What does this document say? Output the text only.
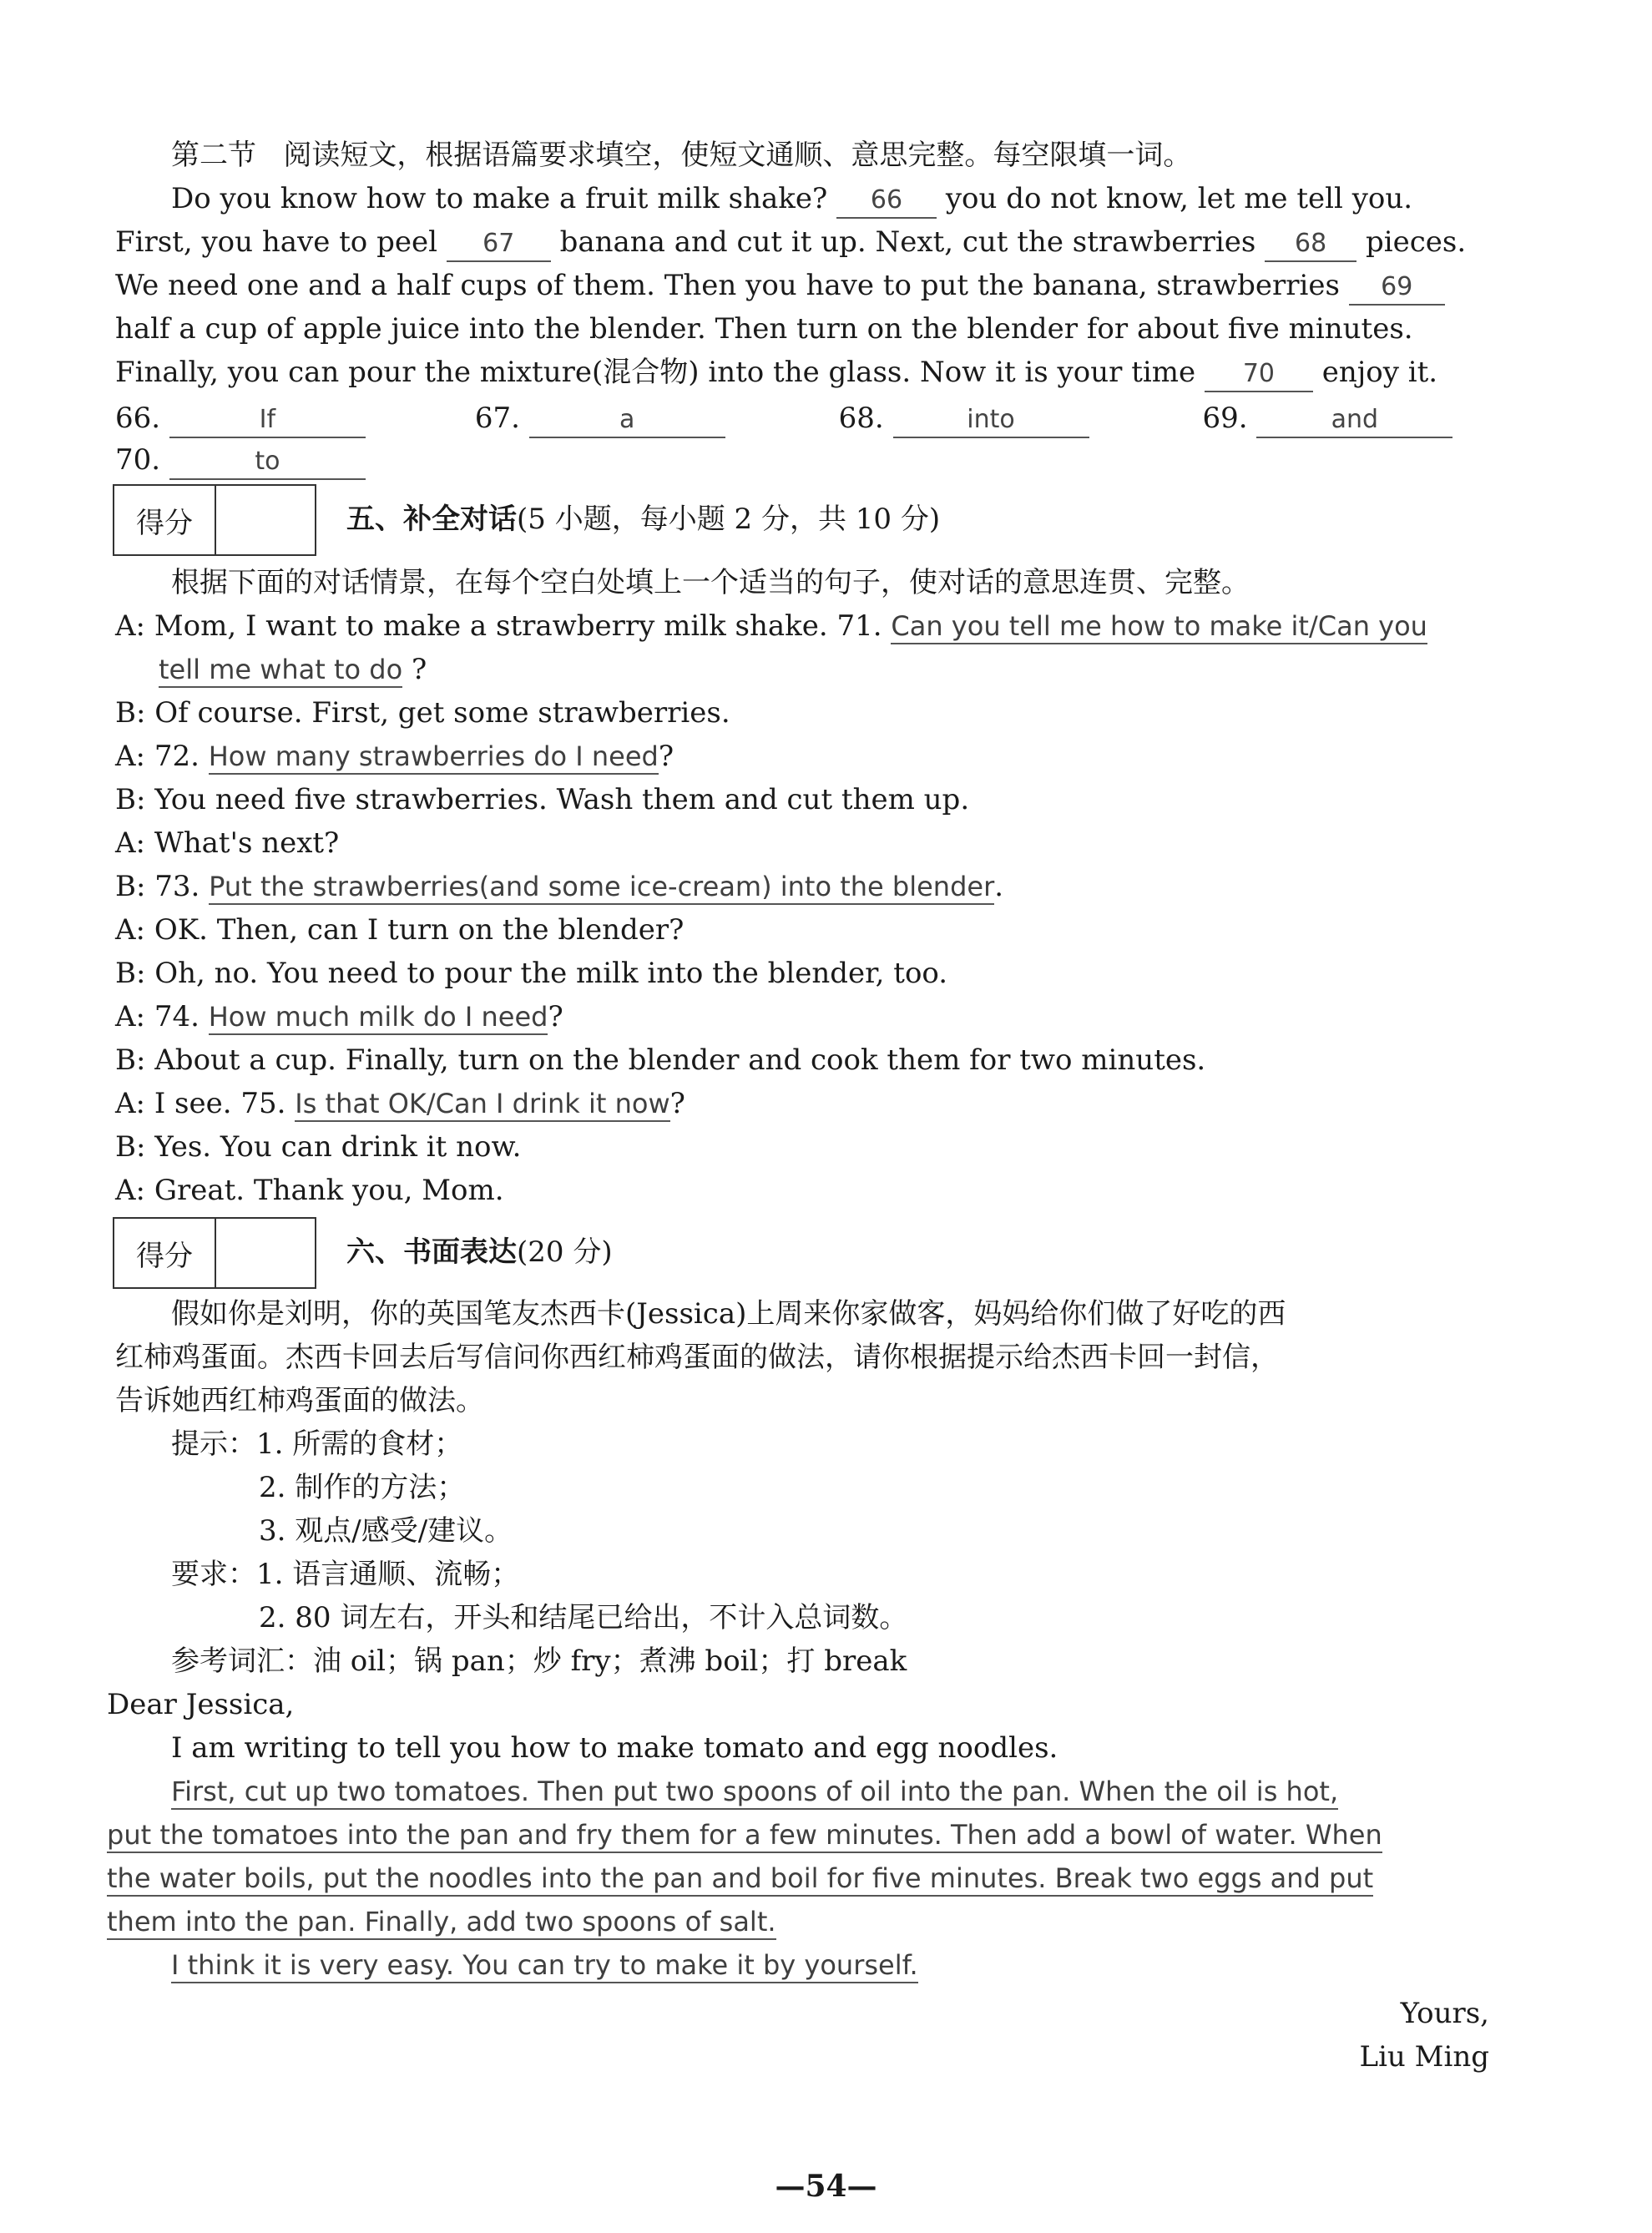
第二节 阅读短文，根据语篇要求填空，使短文通顺、意思完整。每空限填一词。
Do you know how to make a fruit milk shake? 66 you do not know, let me tell you.
First, you have to peel 67 banana and cut it up. Next, cut the strawberries 68 pieces.
We need one and a half cups of them. Then you have to put the banana, strawberries 69
half a cup of apple juice into the blender. Then turn on the blender for about five minutes.
Finally, you can pour the mixture(混合物) into the glass. Now it is your time 70 enjoy it.
66.	If	67.	a	68.	into	69.	and
70.	to
得分	五、补全对话(5 小题，每小题 2 分，共 10 分)
根据下面的对话情景，在每个空白处填上一个适当的句子，使对话的意思连贯、完整。
A: Mom, I want to make a strawberry milk shake. 71. Can you tell me how to make it/Can you
tell me what to do ?
B: Of course. First, get some strawberries.
A: 72. How many strawberries do I need?
B: You need five strawberries. Wash them and cut them up.
A: What's next?
B: 73. Put the strawberries(and some ice-cream) into the blender.
A: OK. Then, can I turn on the blender?
B: Oh, no. You need to pour the milk into the blender, too.
A: 74. How much milk do I need?
B: About a cup. Finally, turn on the blender and cook them for two minutes.
A: I see. 75. Is that OK/Can I drink it now?
B: Yes. You can drink it now.
A: Great. Thank you, Mom.
得分	六、书面表达(20 分)
假如你是刘明，你的英国笔友杰西卡(Jessica)上周来你家做客，妈妈给你们做了好吃的西
红柿鸡蛋面。杰西卡回去后写信问你西红柿鸡蛋面的做法，请你根据提示给杰西卡回一封信，
告诉她西红柿鸡蛋面的做法。
提示：1. 所需的食材；
2. 制作的方法；
3. 观点/感受/建议。
要求：1. 语言通顺、流畅；
2. 80 词左右，开头和结尾已给出，不计入总词数。
参考词汇：油 oil；锅 pan；炒 fry；煮沸 boil；打 break
Dear Jessica,
I am writing to tell you how to make tomato and egg noodles.
First, cut up two tomatoes. Then put two spoons of oil into the pan. When the oil is hot,
put the tomatoes into the pan and fry them for a few minutes. Then add a bowl of water. When
the water boils, put the noodles into the pan and boil for five minutes. Break two eggs and put
them into the pan. Finally, add two spoons of salt.
I think it is very easy. You can try to make it by yourself.
Yours,
Liu Ming
—54—
